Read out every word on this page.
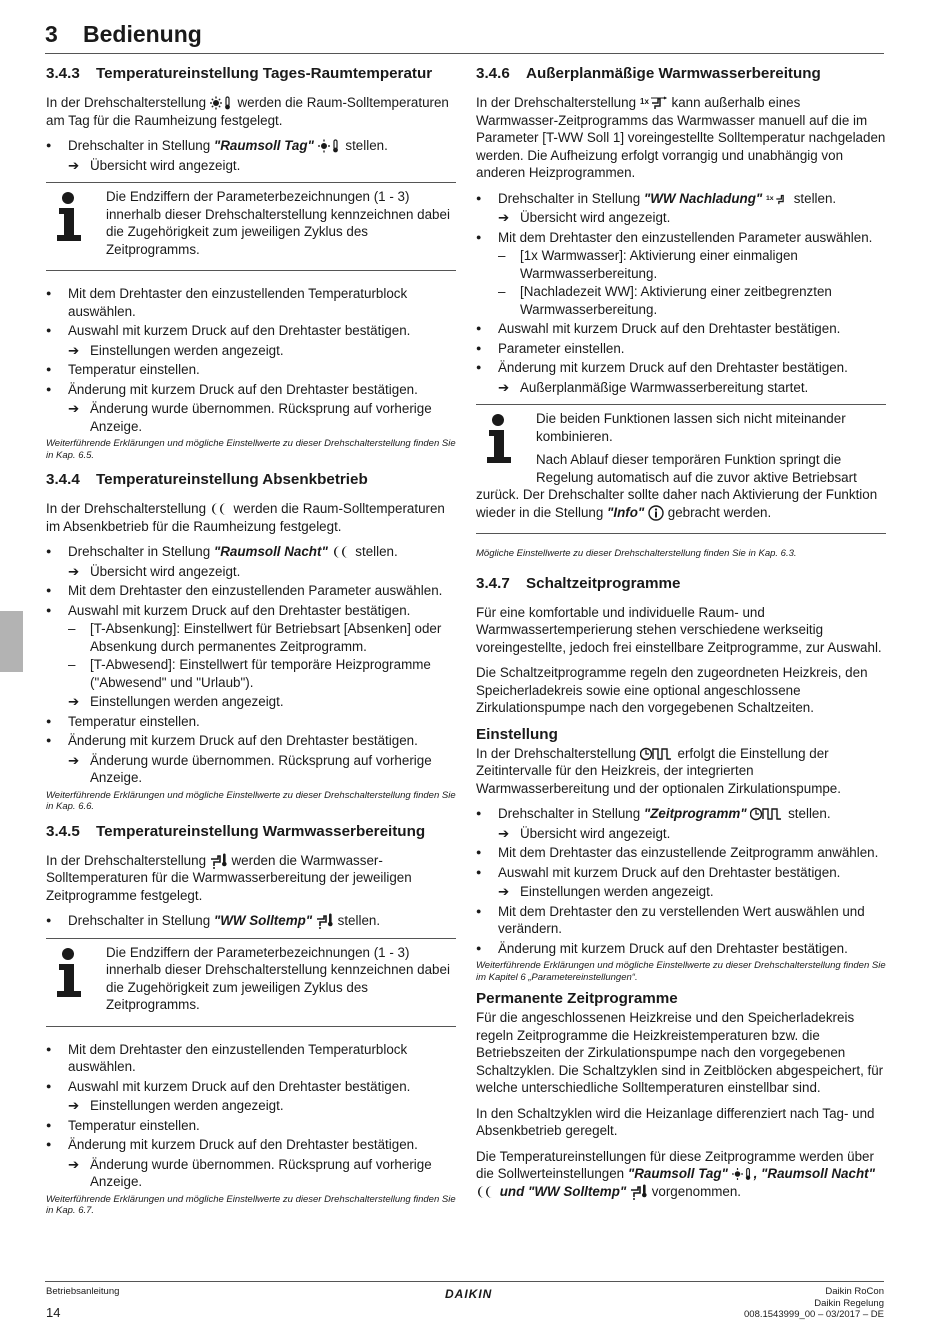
3 Bedienung
3.4.3 Temperatureinstellung Tages-Raumtemperatur

In der Drehschalterstellung werden die Raum-Solltemperaturen am Tag für die Raumheizung festgelegt.

● Drehschalter in Stellung "Raumsoll Tag" stellen.
➔ Übersicht wird angezeigt.

Die Endziffern der Parameterbezeichnungen (1 - 3) innerhalb dieser Drehschalterstellung kennzeichnen dabei die Zugehörigkeit zum jeweiligen Zyklus des Zeitprogramms.

● Mit dem Drehtaster den einzustellenden Temperaturblock auswählen.
● Auswahl mit kurzem Druck auf den Drehtaster bestätigen.
➔ Einstellungen werden angezeigt.
● Temperatur einstellen.
● Änderung mit kurzem Druck auf den Drehtaster bestätigen.
➔ Änderung wurde übernommen. Rücksprung auf vorherige Anzeige.

Weiterführende Erklärungen und mögliche Einstellwerte zu dieser Drehschalterstellung finden Sie in Kap. 6.5.

3.4.4 Temperatureinstellung Absenkbetrieb

In der Drehschalterstellung werden die Raum-Solltemperaturen im Absenkbetrieb für die Raumheizung festgelegt.

● Drehschalter in Stellung "Raumsoll Nacht" stellen.
➔ Übersicht wird angezeigt.
● Mit dem Drehtaster den einzustellenden Parameter auswählen.
● Auswahl mit kurzem Druck auf den Drehtaster bestätigen.
– [T-Absenkung]: Einstellwert für Betriebsart [Absenken] oder Absenkung durch permanentes Zeitprogramm.
– [T-Abwesend]: Einstellwert für temporäre Heizprogramme ("Abwesend" und "Urlaub").
➔ Einstellungen werden angezeigt.
● Temperatur einstellen.
● Änderung mit kurzem Druck auf den Drehtaster bestätigen.
➔ Änderung wurde übernommen. Rücksprung auf vorherige Anzeige.

Weiterführende Erklärungen und mögliche Einstellwerte zu dieser Drehschalterstellung finden Sie in Kap. 6.6.

3.4.5 Temperatureinstellung Warmwasserbereitung

In der Drehschalterstellung werden die Warmwasser-Solltemperaturen für die Warmwasserbereitung der jeweiligen Zeitprogramme festgelegt.

● Drehschalter in Stellung "WW Solltemp" stellen.

Die Endziffern der Parameterbezeichnungen (1 - 3) innerhalb dieser Drehschalterstellung kennzeichnen dabei die Zugehörigkeit zum jeweiligen Zyklus des Zeitprogramms.

● Mit dem Drehtaster den einzustellenden Temperaturblock auswählen.
● Auswahl mit kurzem Druck auf den Drehtaster bestätigen.
➔ Einstellungen werden angezeigt.
● Temperatur einstellen.
● Änderung mit kurzem Druck auf den Drehtaster bestätigen.
➔ Änderung wurde übernommen. Rücksprung auf vorherige Anzeige.

Weiterführende Erklärungen und mögliche Einstellwerte zu dieser Drehschalterstellung finden Sie in Kap. 6.7.

3.4.6 Außerplanmäßige Warmwasserbereitung

In der Drehschalterstellung 1x kann außerhalb eines Warmwasser-Zeitprogramms das Warmwasser manuell auf die im Parameter [T-WW Soll 1] voreingestellte Solltemperatur nachgeladen werden. Die Aufheizung erfolgt vorrangig und unabhängig von anderen Heizprogrammen.

● Drehschalter in Stellung "WW Nachladung" 1x stellen.
➔ Übersicht wird angezeigt.
● Mit dem Drehtaster den einzustellenden Parameter auswählen.
– [1x Warmwasser]: Aktivierung einer einmaligen Warmwasserbereitung.
– [Nachladezeit WW]: Aktivierung einer zeitbegrenzten Warmwasserbereitung.
● Auswahl mit kurzem Druck auf den Drehtaster bestätigen.
● Parameter einstellen.
● Änderung mit kurzem Druck auf den Drehtaster bestätigen.
➔ Außerplanmäßige Warmwasserbereitung startet.

Die beiden Funktionen lassen sich nicht miteinander kombinieren.

Nach Ablauf dieser temporären Funktion springt die Regelung automatisch auf die zuvor aktive Betriebsart zurück. Der Drehschalter sollte daher nach Aktivierung der Funktion wieder in die Stellung "Info" gebracht werden.

Mögliche Einstellwerte zu dieser Drehschalterstellung finden Sie in Kap. 6.3.

3.4.7 Schaltzeitprogramme

Für eine komfortable und individuelle Raum- und Warmwassertemperierung stehen verschiedene werkseitig voreingestellte, jedoch frei einstellbare Zeitprogramme, zur Auswahl.

Die Schaltzeitprogramme regeln den zugeordneten Heizkreis, den Speicherladekreis sowie eine optional angeschlossene Zirkulationspumpe nach den vorgegebenen Schaltzeiten.

Einstellung

In der Drehschalterstellung	erfolgt die Einstellung der Zeitintervalle für den Heizkreis, der integrierten Warmwasserbereitung und der optionalen Zirkulationspumpe.

● Drehschalter in Stellung "Zeitprogramm"	stellen.
➔ Übersicht wird angezeigt.
● Mit dem Drehtaster das einzustellende Zeitprogramm anwählen.
● Auswahl mit kurzem Druck auf den Drehtaster bestätigen.
➔ Einstellungen werden angezeigt.
● Mit dem Drehtaster den zu verstellenden Wert auswählen und verändern.
● Änderung mit kurzem Druck auf den Drehtaster bestätigen.

Weiterführende Erklärungen und mögliche Einstellwerte zu dieser Drehschalterstellung finden Sie im Kapitel 6 „Parametereinstellungen“.

Permanente Zeitprogramme

Für die angeschlossenen Heizkreise und den Speicherladekreis regeln Zeitprogramme die Heizkreistemperaturen bzw. die Betriebszeiten der Zirkulationspumpe nach den vorgegebenen Schaltzyklen. Die Schaltzyklen sind in Zeitblöcken abgespeichert, für welche unterschiedliche Solltemperaturen einstellbar sind.

In den Schaltzyklen wird die Heizanlage differenziert nach Tag- und Absenkbetrieb geregelt.

Die Temperatureinstellungen für diese Zeitprogramme werden über die Sollwerteinstellungen "Raumsoll Tag" , "Raumsoll Nacht"  und "WW Solltemp" vorgenommen.

Betriebsanleitung
14
DAIKIN	Daikin RoCon
Daikin Regelung
008.1543999_00 – 03/2017 – DE
